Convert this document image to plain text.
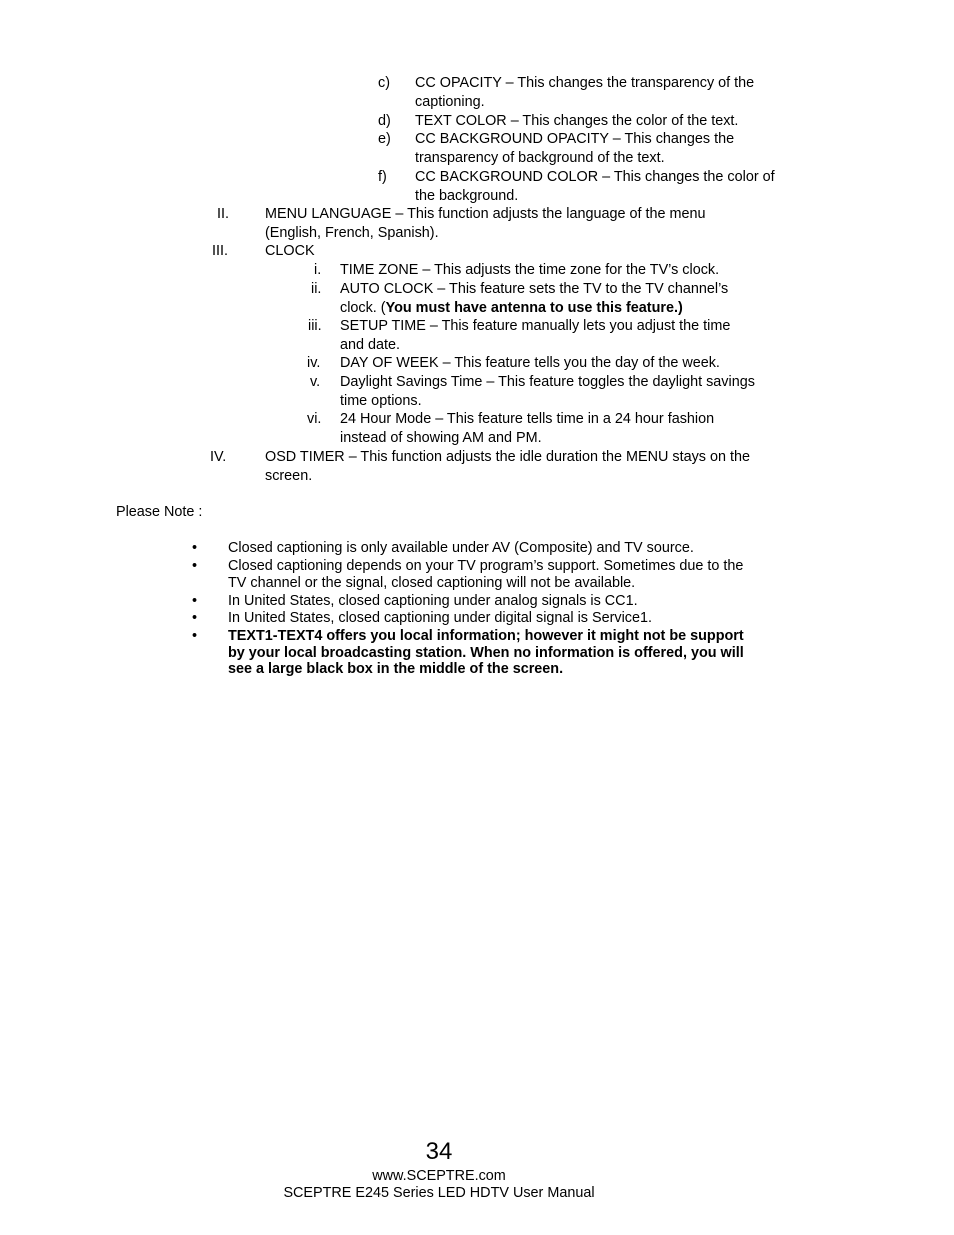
c) CC OPACITY – This changes the transparency of the captioning.
d) TEXT COLOR – This changes the color of the text.
e) CC BACKGROUND OPACITY – This changes the transparency of background of the text.
f) CC BACKGROUND COLOR – This changes the color of the background.
II.	MENU LANGUAGE – This function adjusts the language of the menu (English, French, Spanish).
III.	CLOCK
i. TIME ZONE – This adjusts the time zone for the TV’s clock.
ii. AUTO CLOCK – This feature sets the TV to the TV channel’s clock. (You must have antenna to use this feature.)
iii. SETUP TIME – This feature manually lets you adjust the time and date.
iv. DAY OF WEEK – This feature tells you the day of the week.
v. Daylight Savings Time – This feature toggles the daylight savings time options.
vi. 24 Hour Mode – This feature tells time in a 24 hour fashion instead of showing AM and PM.
IV.	OSD TIMER – This function adjusts the idle duration the MENU stays on the screen.
Please Note :
• Closed captioning is only available under AV (Composite) and TV source.
• Closed captioning depends on your TV program’s support. Sometimes due to the TV channel or the signal, closed captioning will not be available.
• In United States, closed captioning under analog signals is CC1.
• In United States, closed captioning under digital signal is Service1.
• TEXT1-TEXT4 offers you local information; however it might not be support by your local broadcasting station. When no information is offered, you will see a large black box in the middle of the screen.
34
www.SCEPTRE.com
SCEPTRE E245 Series LED HDTV User Manual
